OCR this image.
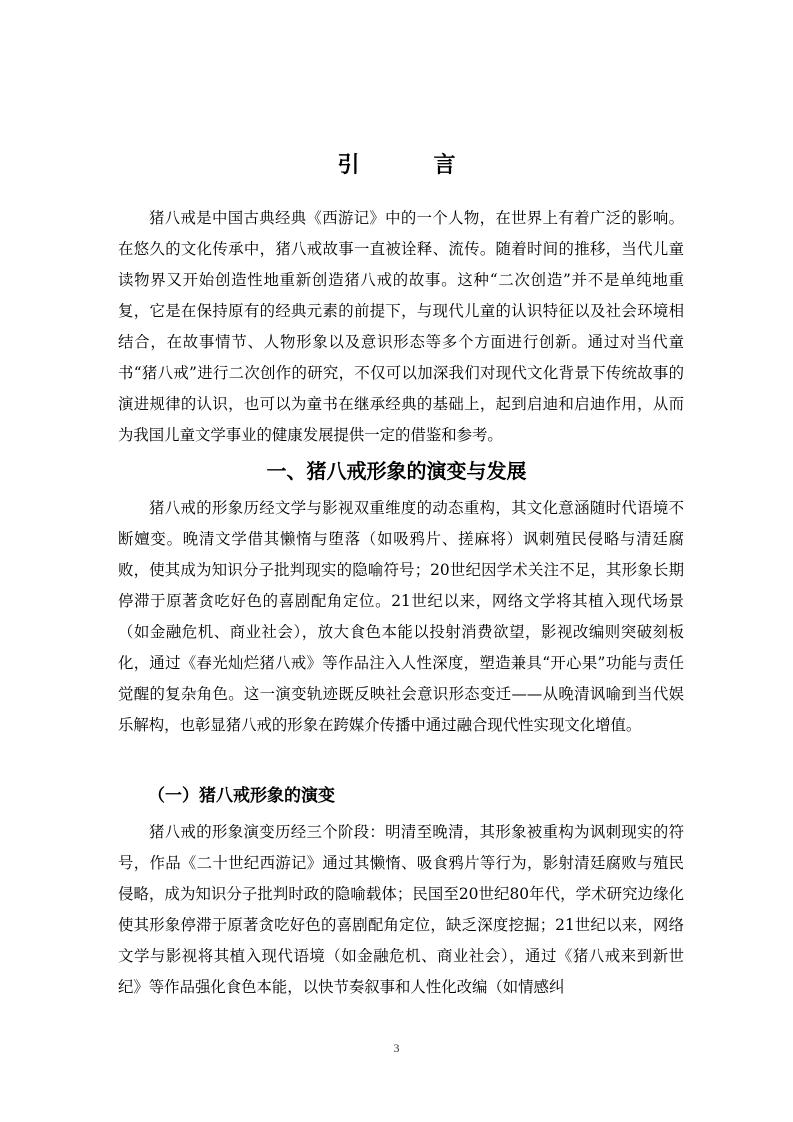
引　言

猪八戒是中国古典经典《西游记》中的一个人物，在世界上有着广泛的影响。在悠久的文化传承中，猪八戒故事一直被诠释、流传。随着时间的推移，当代儿童读物界又开始创造性地重新创造猪八戒的故事。这种“二次创造”并不是单纯地重复，它是在保持原有的经典元素的前提下，与现代儿童的认识特征以及社会环境相结合，在故事情节、人物形象以及意识形态等多个方面进行创新。通过对当代童书“猪八戒”进行二次创作的研究，不仅可以加深我们对现代文化背景下传统故事的演进规律的认识，也可以为童书在继承经典的基础上，起到启迪和启迪作用，从而为我国儿童文学事业的健康发展提供一定的借鉴和参考。

一、猪八戒形象的演变与发展

猪八戒的形象历经文学与影视双重维度的动态重构，其文化意涵随时代语境不断嬗变。晚清文学借其懒惰与堕落（如吸鸦片、搓麻将）讽刺殖民侵略与清廷腐败，使其成为知识分子批判现实的隐喻符号；20世纪因学术关注不足，其形象长期停滞于原著贪吃好色的喜剧配角定位。21世纪以来，网络文学将其植入现代场景（如金融危机、商业社会），放大食色本能以投射消费欲望，影视改编则突破刻板化，通过《春光灿烂猪八戒》等作品注入人性深度，塑造兼具“开心果”功能与责任觉醒的复杂角色。这一演变轨迹既反映社会意识形态变迁——从晚清讽喻到当代娱乐解构，也彰显猪八戒的形象在跨媒介传播中通过融合现代性实现文化增值。

（一）猪八戒形象的演变

猪八戒的形象演变历经三个阶段：明清至晚清，其形象被重构为讽刺现实的符号，作品《二十世纪西游记》通过其懒惰、吸食鸦片等行为，影射清廷腐败与殖民侵略，成为知识分子批判时政的隐喻载体；民国至20世纪80年代，学术研究边缘化使其形象停滞于原著贪吃好色的喜剧配角定位，缺乏深度挖掘；21世纪以来，网络文学与影视将其植入现代语境（如金融危机、商业社会），通过《猪八戒来到新世纪》等作品强化食色本能，以快节奏叙事和人性化改编（如情感纠

3
